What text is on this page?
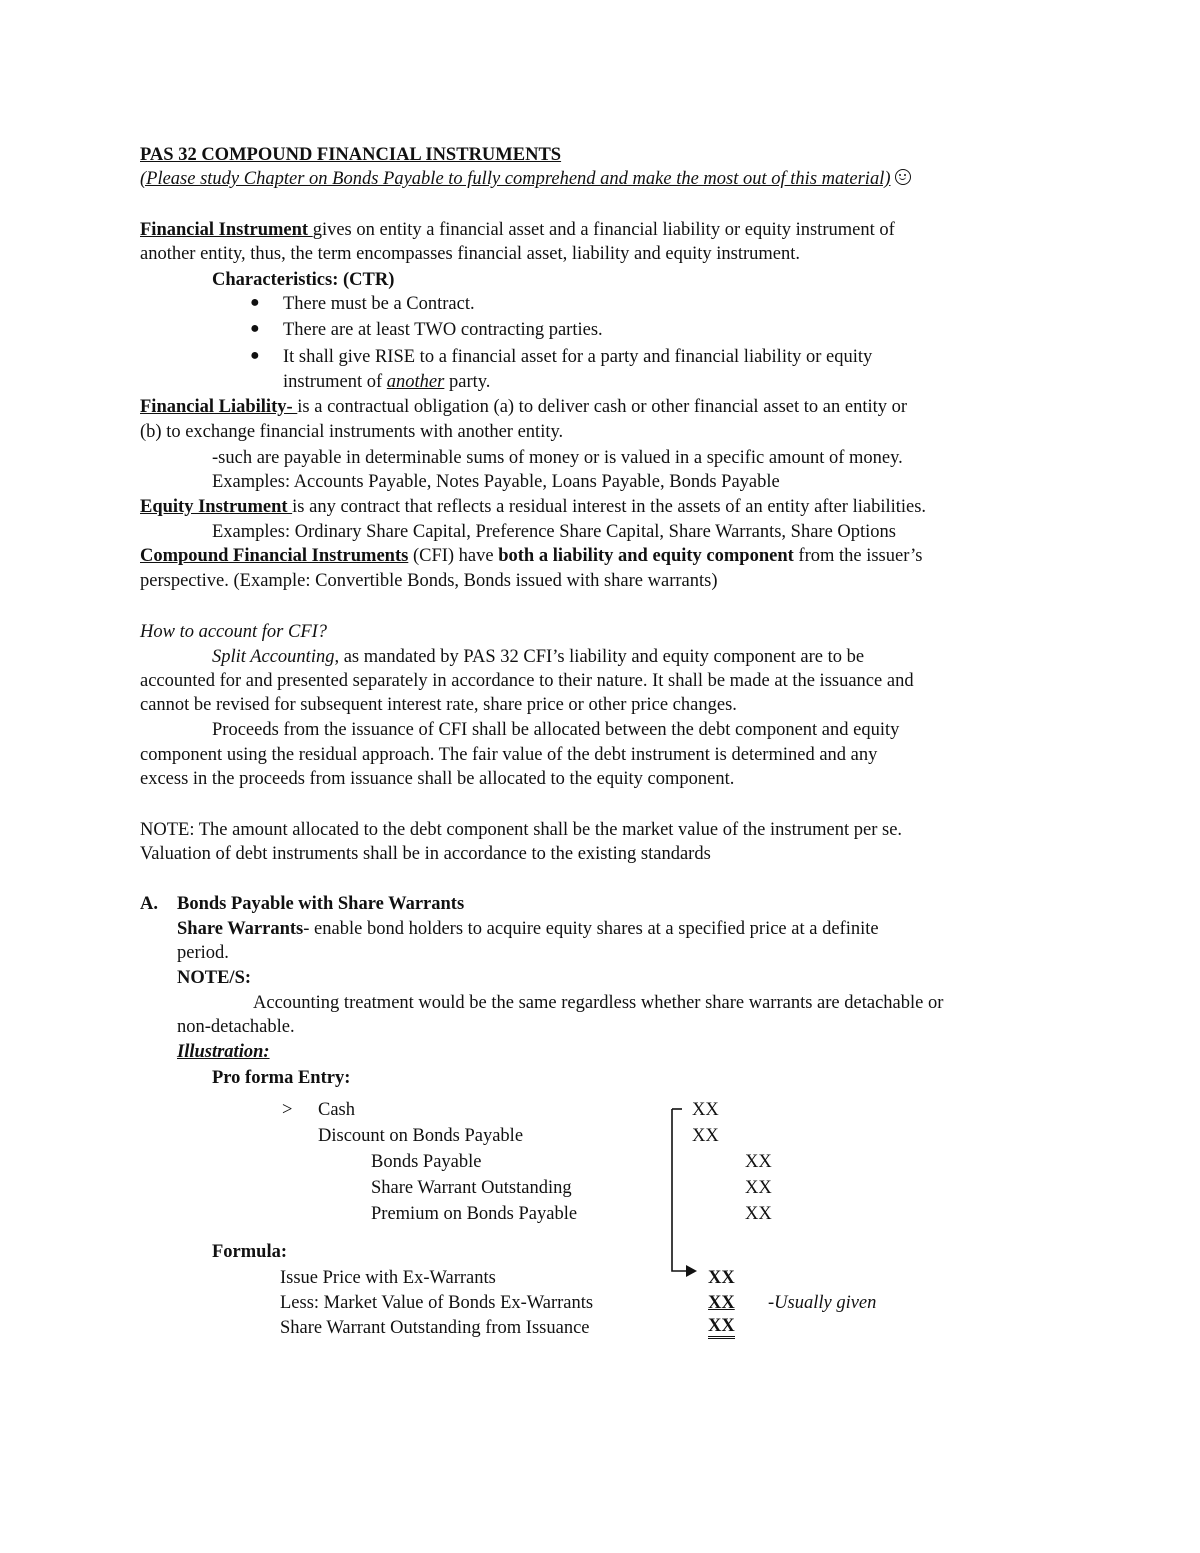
PAS 32 COMPOUND FINANCIAL INSTRUMENTS
(Please study Chapter on Bonds Payable to fully comprehend and make the most out of this material)
Financial Instrument gives on entity a financial asset and a financial liability or equity instrument of
another entity, thus, the term encompasses financial asset, liability and equity instrument.
Characteristics: (CTR)
● There must be a Contract.
● There are at least TWO contracting parties.
● It shall give RISE to a financial asset for a party and financial liability or equity
instrument of another party.
Financial Liability- is a contractual obligation (a) to deliver cash or other financial asset to an entity or
(b) to exchange financial instruments with another entity.
-such are payable in determinable sums of money or is valued in a specific amount of money.
Examples: Accounts Payable, Notes Payable, Loans Payable, Bonds Payable
Equity Instrument is any contract that reflects a residual interest in the assets of an entity after liabilities.
Examples: Ordinary Share Capital, Preference Share Capital, Share Warrants, Share Options
Compound Financial Instruments (CFI) have both a liability and equity component from the issuer’s
perspective. (Example: Convertible Bonds, Bonds issued with share warrants)
How to account for CFI?
Split Accounting, as mandated by PAS 32 CFI’s liability and equity component are to be
accounted for and presented separately in accordance to their nature. It shall be made at the issuance and
cannot be revised for subsequent interest rate, share price or other price changes.
Proceeds from the issuance of CFI shall be allocated between the debt component and equity
component using the residual approach. The fair value of the debt instrument is determined and any
excess in the proceeds from issuance shall be allocated to the equity component.
NOTE: The amount allocated to the debt component shall be the market value of the instrument per se.
Valuation of debt instruments shall be in accordance to the existing standards
A. Bonds Payable with Share Warrants
Share Warrants- enable bond holders to acquire equity shares at a specified price at a definite
period.
NOTE/S:
Accounting treatment would be the same regardless whether share warrants are detachable or
non-detachable.
Illustration:
Pro forma Entry:
> Cash
Discount on Bonds Payable
Bonds Payable
Share Warrant Outstanding
Premium on Bonds Payable
XX
XX
XX
XX
XX
Formula:
Issue Price with Ex-Warrants
Less: Market Value of Bonds Ex-Warrants
Share Warrant Outstanding from Issuance
XX
XX
XX
-Usually given
